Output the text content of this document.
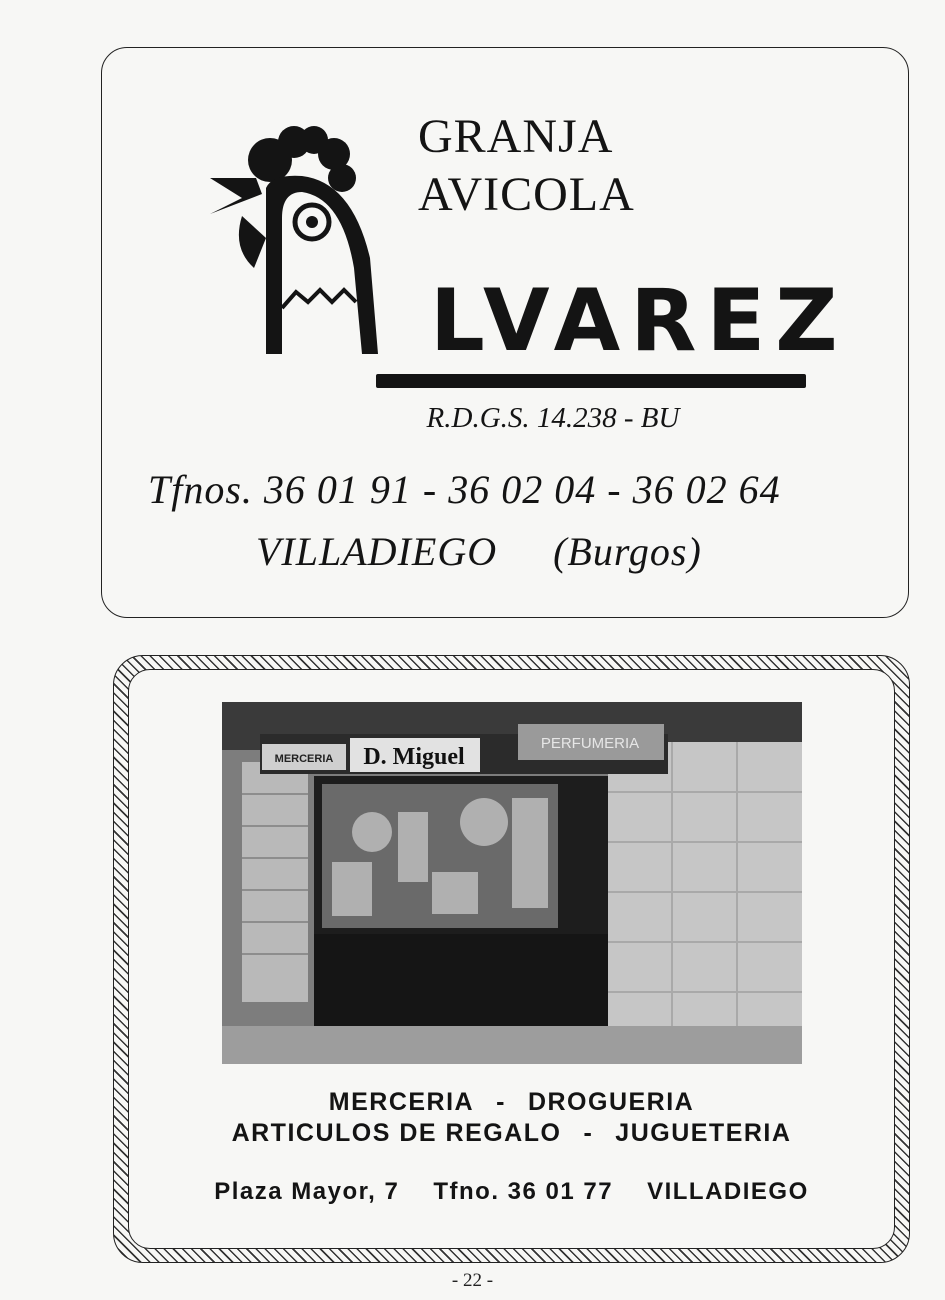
GRANJA
AVICOLA
LVAREZ
R.D.G.S. 14.238 - BU
Tfnos. 36 01 91 - 36 02 04 - 36 02 64
VILLADIEGO (Burgos)
MERCERIA D. Miguel
PERFUMERIA
MERCERIA - DROGUERIA
ARTICULOS DE REGALO - JUGUETERIA
Plaza Mayor, 7 Tfno. 36 01 77 VILLADIEGO
- 22 -
